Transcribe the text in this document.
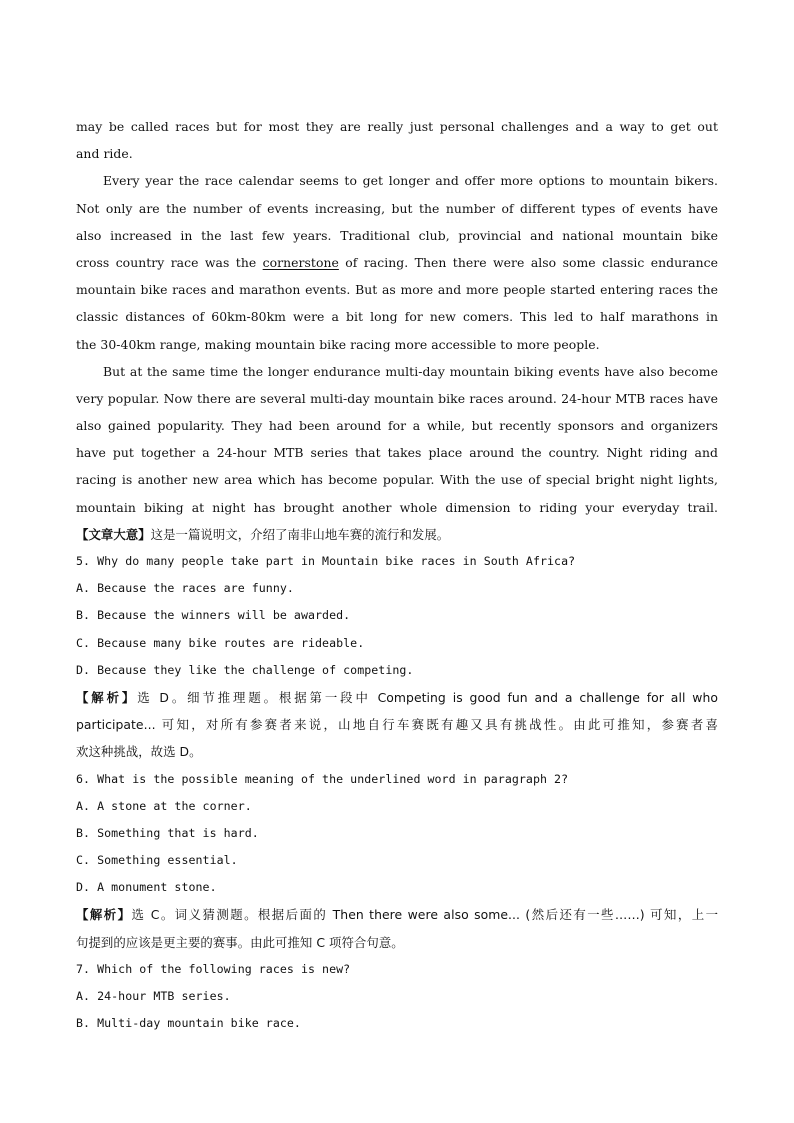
may be called races but for most they are really just personal challenges and a way to get out
and ride.
Every year the race calendar seems to get longer and offer more options to mountain bikers.
Not only are the number of events increasing, but the number of different types of events have
also increased in the last few years. Traditional club, provincial and national mountain bike
cross country race was the cornerstone of racing. Then there were also some classic endurance
mountain bike races and marathon events. But as more and more people started entering races the
classic distances of 60km-80km were a bit long for new comers. This led to half marathons in
the 30-40km range, making mountain bike racing more accessible to more people.
But at the same time the longer endurance multi-day mountain biking events have also become
very popular. Now there are several multi-day mountain bike races around. 24-hour MTB races have
also gained popularity. They had been around for a while, but recently sponsors and organizers
have put together a 24-hour MTB series that takes place around the country. Night riding and
racing is another new area which has become popular. With the use of special bright night lights,
mountain biking at night has brought another whole dimension to riding your everyday trail.
【文章大意】这是一篇说明文，介绍了南非山地车赛的流行和发展。
5. Why do many people take part in Mountain bike races in South Africa?
A. Because the races are funny.
B. Because the winners will be awarded.
C. Because many bike routes are rideable.
D. Because they like the challenge of competing.
【解析】选 D。细节推理题。根据第一段中 Competing is good fun and a challenge for all who
participate... 可知，对所有参赛者来说，山地自行车赛既有趣又具有挑战性。由此可推知，参赛者喜
欢这种挑战，故选 D。
6. What is the possible meaning of the underlined word in paragraph 2?
A. A stone at the corner.
B. Something that is hard.
C. Something essential.
D. A monument stone.
【解析】选 C。词义猜测题。根据后面的 Then there were also some... (然后还有一些……) 可知，上一
句提到的应该是更主要的赛事。由此可推知 C 项符合句意。
7. Which of the following races is new?
A. 24-hour MTB series.
B. Multi-day mountain bike race.
